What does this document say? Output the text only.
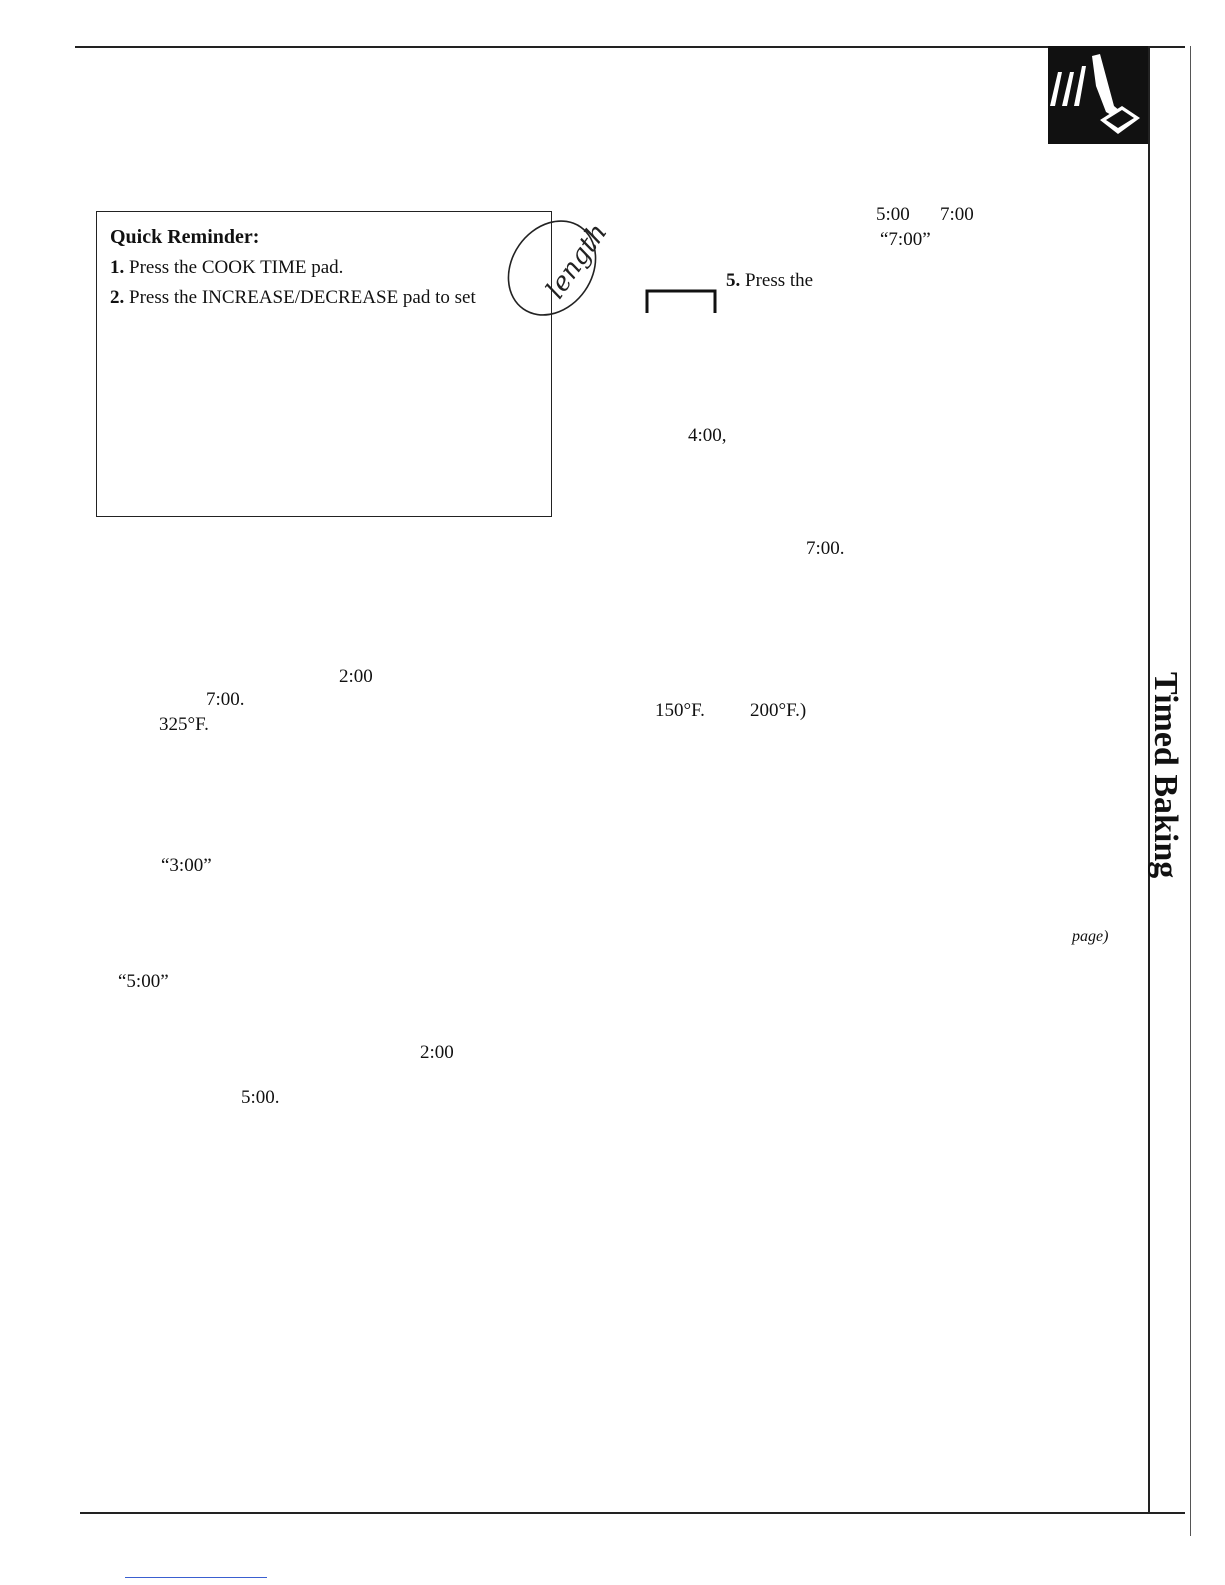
Quick Reminder:
1. Press the COOK TIME pad.
2. Press the INCREASE/DECREASE pad to set length
5:00 7:00
“7:00”
5. Press the
4:00,
7:00.
150°F. 200°F.)
2:00
7:00.
325°F.
“3:00”
“5:00”
2:00
5:00.
Timed Baking
page)
